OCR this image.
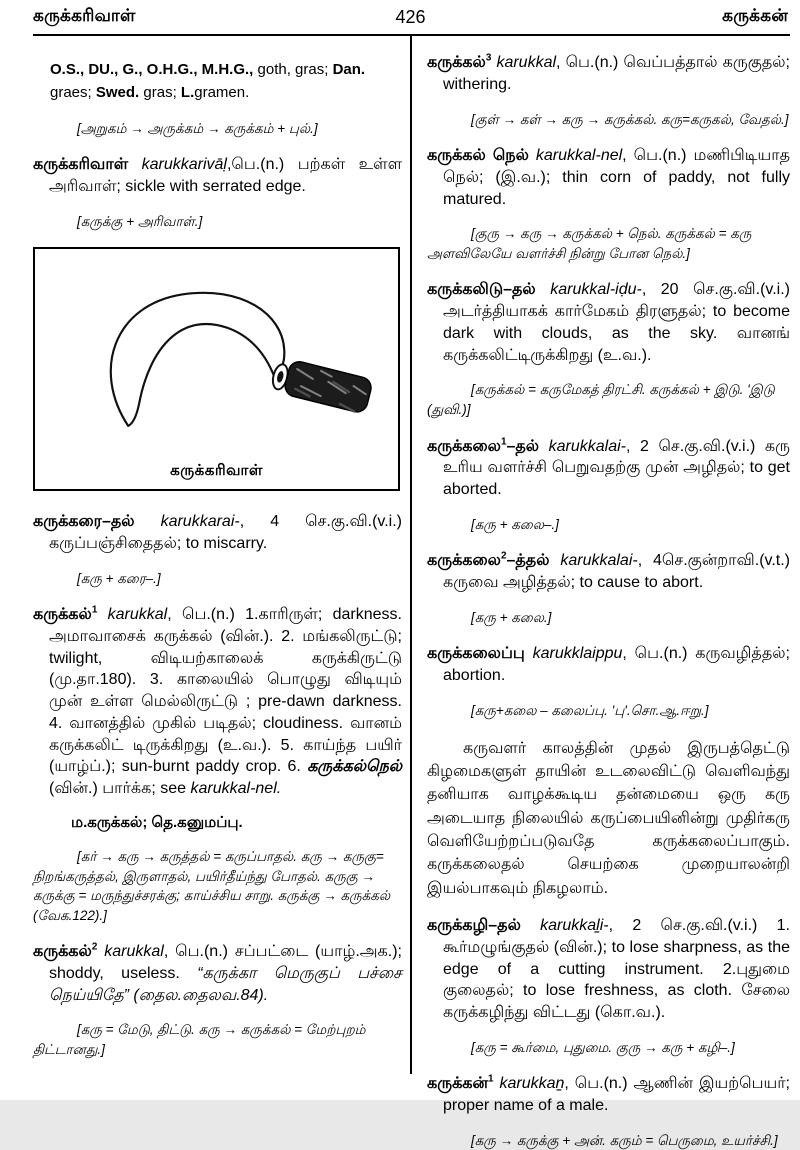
கருக்கரிவாள்	426	கருக்கன்

O.S., DU., G., O.H.G., M.H.G., goth, gras; Dan. graes; Swed. gras; L.gramen.

[அறுகம் → அருக்கம் → கருக்கம் + புல்.]

கருக்கரிவாள் karukkarivāḷ,பெ.(n.) பற்கள் உள்ள அரிவாள்; sickle with serrated edge.

[கருக்கு + அரிவாள்.]

கருக்கரிவாள்

கருக்கரை–தல் karukkarai-, 4 செ.கு.வி.(v.i.) கருப்பஞ்சிதைதல்; to miscarry.

[கரு + கரை–.]

கருக்கல்$^1$ karukkal, பெ.(n.) 1.காரிருள்; darkness. அமாவாசைக் கருக்கல் (வின்.). 2. மங்கலிருட்டு; twilight, விடியற்காலைக் கருக்கிருட்டு (மு.தா.180). 3. காலையில் பொழுது விடியும் முன் உள்ள மெல்லிருட்டு ; pre-dawn darkness. 4. வானத்தில் முகில் படிதல்; cloudiness. வானம் கருக்கலிட் டிருக்கிறது (உ.வ.). 5. காய்ந்த பயிர் (யாழ்ப்.); sun-burnt paddy crop. 6. கருக்கல்நெல் (வின்.) பார்க்க; see karukkal-nel.

ம.கருக்கல்; தெ.கனுமப்பு.

[கர் → கரு → கருத்தல் = கருப்பாதல். கரு → கருகு= நிறங்கருத்தல், இருளாதல், பயிர்தீய்ந்து போதல். கருகு → கருக்கு = மருந்துச்சரக்கு; காய்ச்சிய சாறு. கருக்கு → கருக்கல் (வேக.122).]

கருக்கல்$^2$ karukkal, பெ.(n.) சப்பட்டை (யாழ்.அக.); shoddy, useless. “கருக்கா மெருகுப் பச்சை நெய்யிதே” (தைல.தைலவ.84).

[கரு = மேடு, திட்டு. கரு → கருக்கல் = மேற்புறம் திட்டானது.]

கருக்கல்$^3$ karukkal, பெ.(n.) வெப்பத்தால் கருகுதல்; withering.

[குள் → கள் → கரு → கருக்கல். கரு=கருகல், வேதல்.]

கருக்கல் நெல் karukkal-nel, பெ.(n.) மணிபிடியாத நெல்; (இ.வ.); thin corn of paddy, not fully matured.

[குரு → கரு → கருக்கல் + நெல். கருக்கல் = கரு அளவிலேயே வளர்ச்சி நின்று போன நெல்.]

கருக்கலிடு–தல் karukkal-iḍu-, 20 செ.கு.வி.(v.i.) அடர்த்தியாகக் கார்மேகம் திரளுதல்; to become dark with clouds, as the sky. வானங் கருக்கலிட்டிருக்கிறது (உ.வ.).

[கருக்கல் = கருமேகத் திரட்சி. கருக்கல் + இடு. 'இடு (துவி.)]

கருக்கலை$^1$–தல் karukkalai-, 2 செ.கு.வி.(v.i.) கரு உரிய வளர்ச்சி பெறுவதற்கு முன் அழிதல்; to get aborted.

[கரு + கலை–.]

கருக்கலை$^2$–த்தல் karukkalai-, 4செ.குன்றாவி.(v.t.) கருவை அழித்தல்; to cause to abort.

[கரு + கலை.]

கருக்கலைப்பு karukklaippu, பெ.(n.) கருவழித்தல்; abortion.

[கரு+கலை – கலைப்பு. 'பு'.சொ.ஆ.ஈறு.]

கருவளர் காலத்தின் முதல் இருபத்தெட்டு கிழமைகளுள் தாயின் உடலைவிட்டு வெளிவந்து தனியாக வாழக்கூடிய தன்மையை ஒரு கரு அடையாத நிலையில் கருப்பையினின்று முதிர்கரு வெளியேற்றப்படுவதே கருக்கலைப்பாகும். கருக்கலைதல் செயற்கை முறையாலன்றி இயல்பாகவும் நிகழலாம்.

கருக்கழி–தல் karukkaḻi-, 2 செ.கு.வி.(v.i.) 1. கூர்மழுங்குதல் (வின்.); to lose sharpness, as the edge of a cutting instrument. 2.புதுமை குலைதல்; to lose freshness, as cloth. சேலை கருக்கழிந்து விட்டது (கொ.வ.).

[கரு = கூர்மை, புதுமை. குரு → கரு + கழி–.]

கருக்கன்$^1$ karukkaṉ, பெ.(n.) ஆணின் இயற்பெயர்; proper name of a male.

[கரு → கருக்கு + அன். கரும் = பெருமை, உயர்ச்சி.]
